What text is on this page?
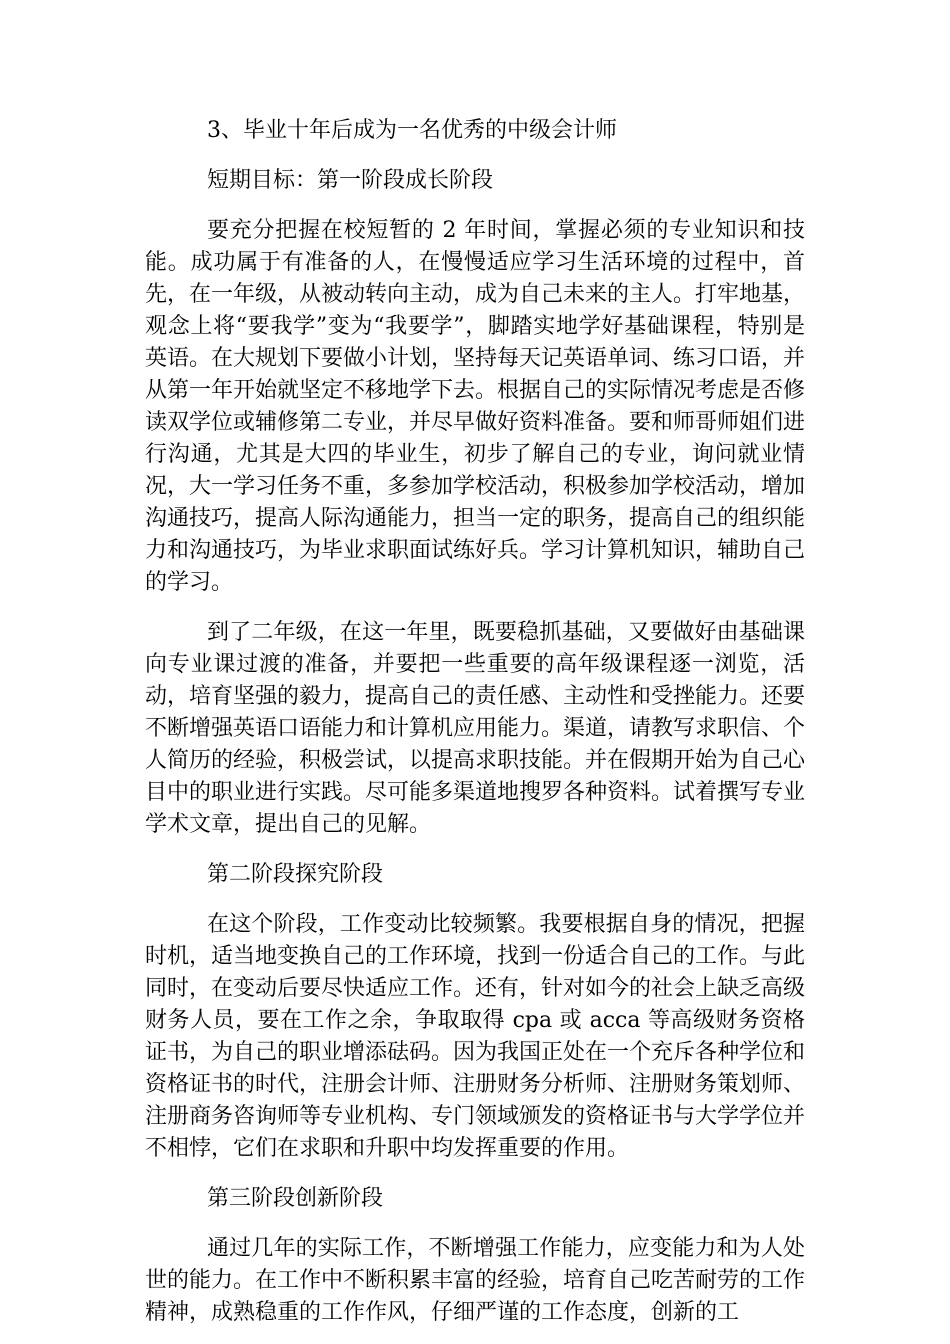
3、毕业十年后成为一名优秀的中级会计师

短期目标：第一阶段成长阶段

要充分把握在校短暂的 2 年时间，掌握必须的专业知识和技能。成功属于有准备的人，在慢慢适应学习生活环境的过程中，首先，在一年级，从被动转向主动，成为自己未来的主人。打牢地基，观念上将“要我学”变为“我要学”，脚踏实地学好基础课程，特别是英语。在大规划下要做小计划，坚持每天记英语单词、练习口语，并从第一年开始就坚定不移地学下去。根据自己的实际情况考虑是否修读双学位或辅修第二专业，并尽早做好资料准备。要和师哥师姐们进行沟通，尤其是大四的毕业生，初步了解自己的专业，询问就业情况，大一学习任务不重，多参加学校活动，积极参加学校活动，增加沟通技巧，提高人际沟通能力，担当一定的职务，提高自己的组织能力和沟通技巧，为毕业求职面试练好兵。学习计算机知识，辅助自己的学习。

到了二年级，在这一年里，既要稳抓基础，又要做好由基础课向专业课过渡的准备，并要把一些重要的高年级课程逐一浏览，活动，培育坚强的毅力，提高自己的责任感、主动性和受挫能力。还要不断增强英语口语能力和计算机应用能力。渠道，请教写求职信、个人简历的经验，积极尝试，以提高求职技能。并在假期开始为自己心目中的职业进行实践。尽可能多渠道地搜罗各种资料。试着撰写专业学术文章，提出自己的见解。

第二阶段探究阶段

在这个阶段，工作变动比较频繁。我要根据自身的情况，把握时机，适当地变换自己的工作环境，找到一份适合自己的工作。与此同时，在变动后要尽快适应工作。还有，针对如今的社会上缺乏高级财务人员，要在工作之余，争取取得 cpa 或 acca 等高级财务资格证书，为自己的职业增添砝码。因为我国正处在一个充斥各种学位和资格证书的时代，注册会计师、注册财务分析师、注册财务策划师、注册商务咨询师等专业机构、专门领域颁发的资格证书与大学学位并不相悖，它们在求职和升职中均发挥重要的作用。

第三阶段创新阶段

通过几年的实际工作，不断增强工作能力，应变能力和为人处世的能力。在工作中不断积累丰富的经验，培育自己吃苦耐劳的工作精神，成熟稳重的工作作风，仔细严谨的工作态度，创新的工
